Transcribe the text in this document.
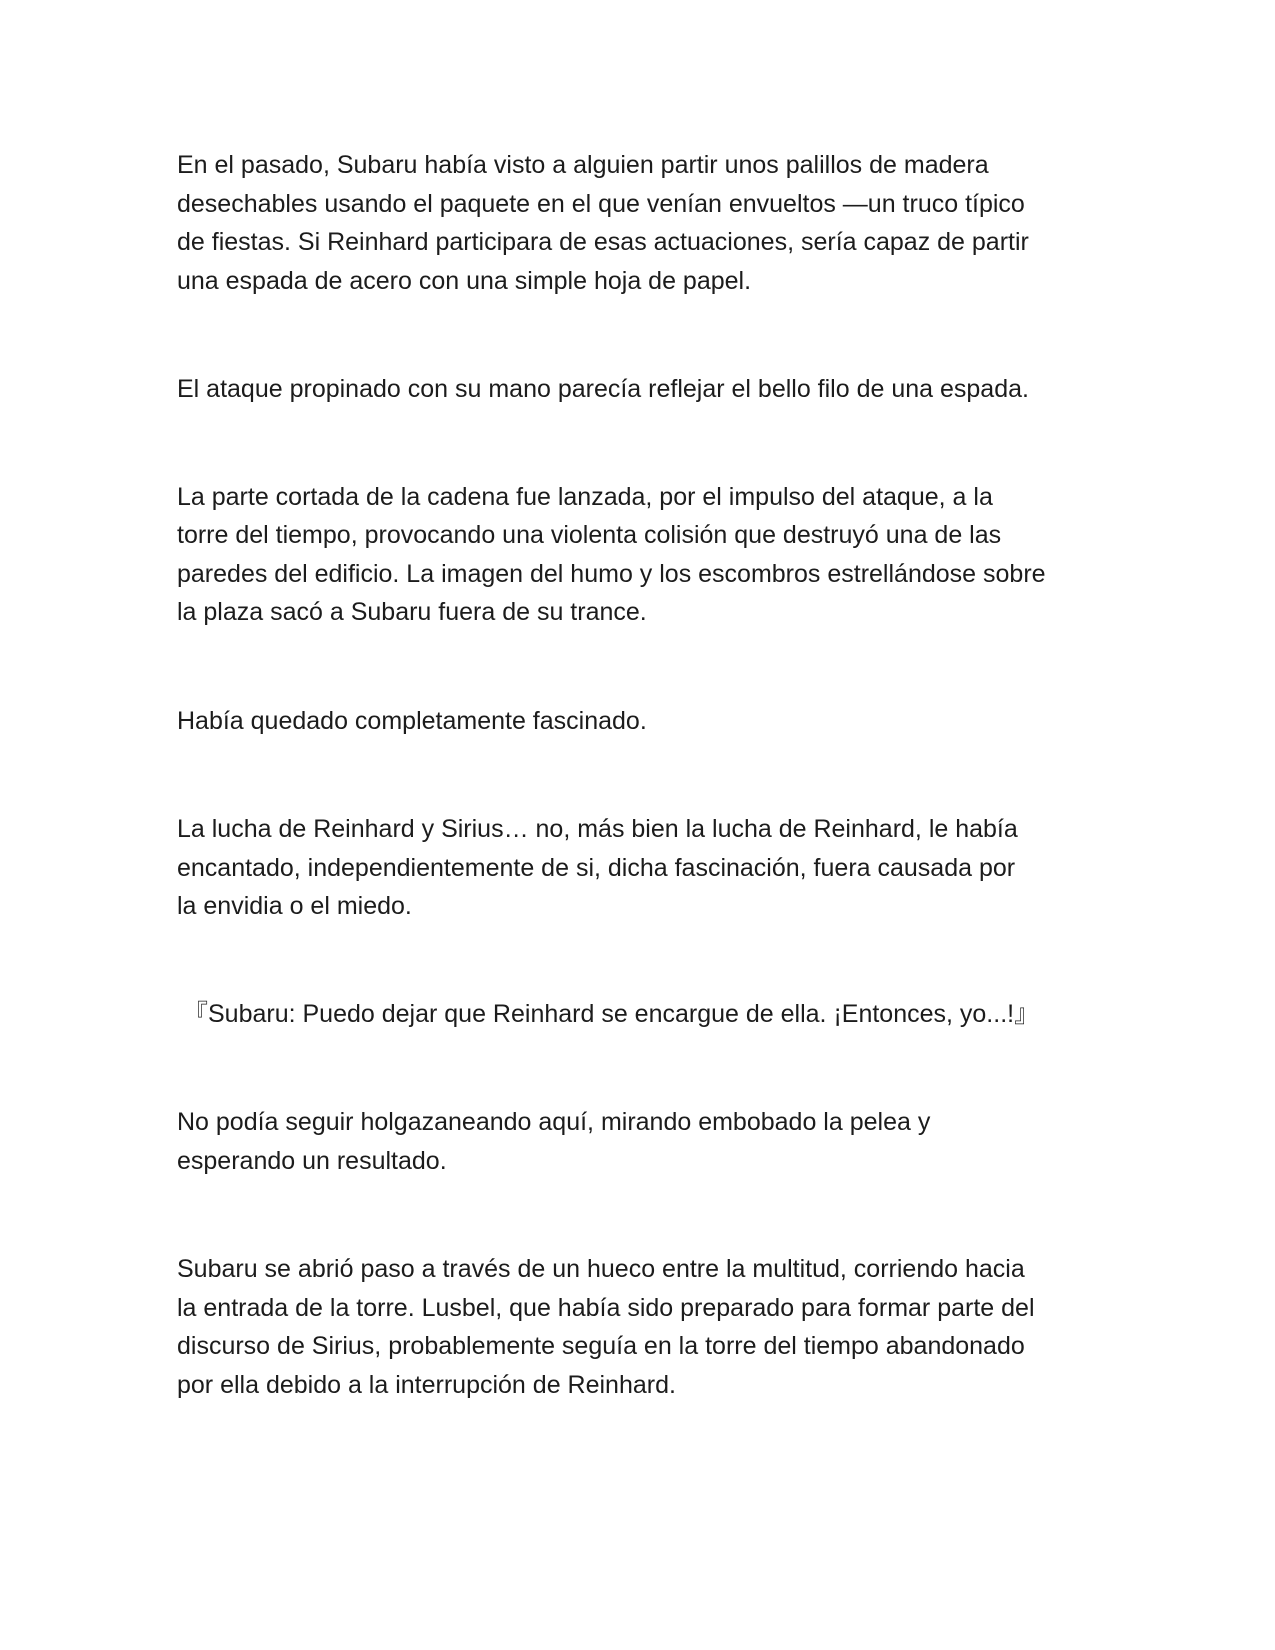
En el pasado, Subaru había visto a alguien partir unos palillos de madera
desechables usando el paquete en el que venían envueltos —un truco típico
de fiestas. Si Reinhard participara de esas actuaciones, sería capaz de partir
una espada de acero con una simple hoja de papel.

El ataque propinado con su mano parecía reflejar el bello filo de una espada.

La parte cortada de la cadena fue lanzada, por el impulso del ataque, a la
torre del tiempo, provocando una violenta colisión que destruyó una de las
paredes del edificio. La imagen del humo y los escombros estrellándose sobre
la plaza sacó a Subaru fuera de su trance.

Había quedado completamente fascinado.

La lucha de Reinhard y Sirius… no, más bien la lucha de Reinhard, le había
encantado, independientemente de si, dicha fascinación, fuera causada por
la envidia o el miedo.

『Subaru: Puedo dejar que Reinhard se encargue de ella. ¡Entonces, yo...!』

No podía seguir holgazaneando aquí, mirando embobado la pelea y
esperando un resultado.

Subaru se abrió paso a través de un hueco entre la multitud, corriendo hacia
la entrada de la torre. Lusbel, que había sido preparado para formar parte del
discurso de Sirius, probablemente seguía en la torre del tiempo abandonado
por ella debido a la interrupción de Reinhard.
